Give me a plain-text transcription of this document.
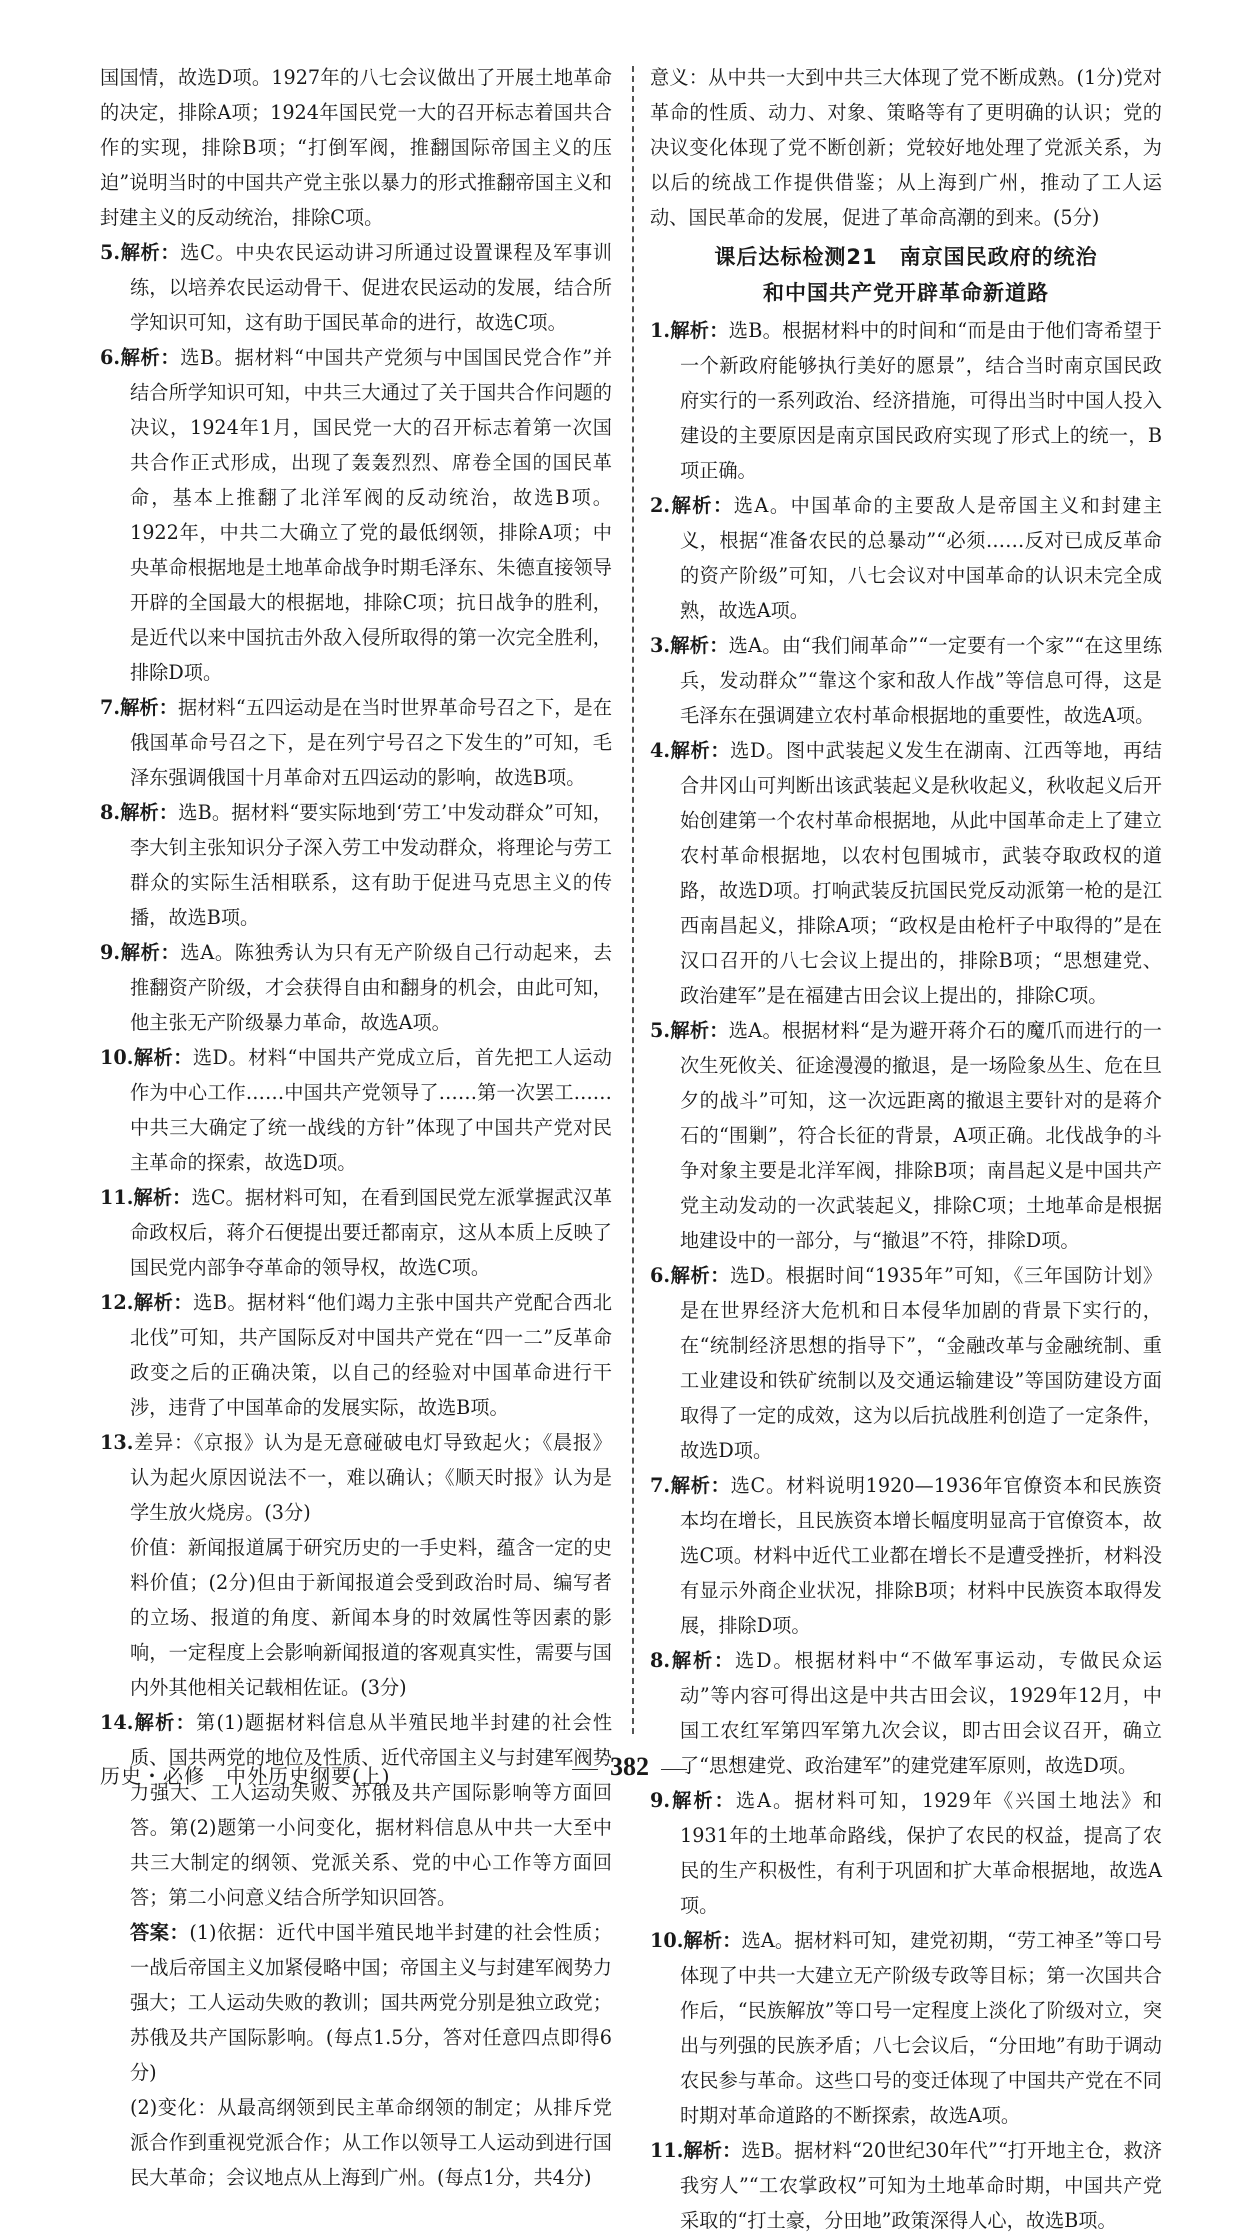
国国情，故选D项。1927年的八七会议做出了开展土地革命的决定，排除A项；1924年国民党一大的召开标志着国共合作的实现，排除B项；“打倒军阀，推翻国际帝国主义的压迫”说明当时的中国共产党主张以暴力的形式推翻帝国主义和封建主义的反动统治，排除C项。

5.解析：选C。中央农民运动讲习所通过设置课程及军事训练，以培养农民运动骨干、促进农民运动的发展，结合所学知识可知，这有助于国民革命的进行，故选C项。

6.解析：选B。据材料“中国共产党须与中国国民党合作”并结合所学知识可知，中共三大通过了关于国共合作问题的决议，1924年1月，国民党一大的召开标志着第一次国共合作正式形成，出现了轰轰烈烈、席卷全国的国民革命，基本上推翻了北洋军阀的反动统治，故选B项。1922年，中共二大确立了党的最低纲领，排除A项；中央革命根据地是土地革命战争时期毛泽东、朱德直接领导开辟的全国最大的根据地，排除C项；抗日战争的胜利，是近代以来中国抗击外敌入侵所取得的第一次完全胜利，排除D项。

7.解析：据材料“五四运动是在当时世界革命号召之下，是在俄国革命号召之下，是在列宁号召之下发生的”可知，毛泽东强调俄国十月革命对五四运动的影响，故选B项。

8.解析：选B。据材料“要实际地到‘劳工’中发动群众”可知，李大钊主张知识分子深入劳工中发动群众，将理论与劳工群众的实际生活相联系，这有助于促进马克思主义的传播，故选B项。

9.解析：选A。陈独秀认为只有无产阶级自己行动起来，去推翻资产阶级，才会获得自由和翻身的机会，由此可知，他主张无产阶级暴力革命，故选A项。

10.解析：选D。材料“中国共产党成立后，首先把工人运动作为中心工作……中国共产党领导了……第一次罢工……中共三大确定了统一战线的方针”体现了中国共产党对民主革命的探索，故选D项。

11.解析：选C。据材料可知，在看到国民党左派掌握武汉革命政权后，蒋介石便提出要迁都南京，这从本质上反映了国民党内部争夺革命的领导权，故选C项。

12.解析：选B。据材料“他们竭力主张中国共产党配合西北北伐”可知，共产国际反对中国共产党在“四一二”反革命政变之后的正确决策，以自己的经验对中国革命进行干涉，违背了中国革命的发展实际，故选B项。

13.差异：《京报》认为是无意碰破电灯导致起火；《晨报》认为起火原因说法不一，难以确认；《顺天时报》认为是学生放火烧房。(3分)

价值：新闻报道属于研究历史的一手史料，蕴含一定的史料价值；(2分)但由于新闻报道会受到政治时局、编写者的立场、报道的角度、新闻本身的时效属性等因素的影响，一定程度上会影响新闻报道的客观真实性，需要与国内外其他相关记载相佐证。(3分)

14.解析：第(1)题据材料信息从半殖民地半封建的社会性质、国共两党的地位及性质、近代帝国主义与封建军阀势力强大、工人运动失败、苏俄及共产国际影响等方面回答。第(2)题第一小问变化，据材料信息从中共一大至中共三大制定的纲领、党派关系、党的中心工作等方面回答；第二小问意义结合所学知识回答。

答案：(1)依据：近代中国半殖民地半封建的社会性质；一战后帝国主义加紧侵略中国；帝国主义与封建军阀势力强大；工人运动失败的教训；国共两党分别是独立政党；苏俄及共产国际影响。(每点1.5分，答对任意四点即得6分)

(2)变化：从最高纲领到民主革命纲领的制定；从排斥党派合作到重视党派合作；从工作以领导工人运动到进行国民大革命；会议地点从上海到广州。(每点1分，共4分)

意义：从中共一大到中共三大体现了党不断成熟。(1分)党对革命的性质、动力、对象、策略等有了更明确的认识；党的决议变化体现了党不断创新；党较好地处理了党派关系，为以后的统战工作提供借鉴；从上海到广州，推动了工人运动、国民革命的发展，促进了革命高潮的到来。(5分)

课后达标检测21　南京国民政府的统治
和中国共产党开辟革命新道路

1.解析：选B。根据材料中的时间和“而是由于他们寄希望于一个新政府能够执行美好的愿景”，结合当时南京国民政府实行的一系列政治、经济措施，可得出当时中国人投入建设的主要原因是南京国民政府实现了形式上的统一，B项正确。

2.解析：选A。中国革命的主要敌人是帝国主义和封建主义，根据“准备农民的总暴动”“必须……反对已成反革命的资产阶级”可知，八七会议对中国革命的认识未完全成熟，故选A项。

3.解析：选A。由“我们闹革命”“一定要有一个家”“在这里练兵，发动群众”“靠这个家和敌人作战”等信息可得，这是毛泽东在强调建立农村革命根据地的重要性，故选A项。

4.解析：选D。图中武装起义发生在湖南、江西等地，再结合井冈山可判断出该武装起义是秋收起义，秋收起义后开始创建第一个农村革命根据地，从此中国革命走上了建立农村革命根据地，以农村包围城市，武装夺取政权的道路，故选D项。打响武装反抗国民党反动派第一枪的是江西南昌起义，排除A项；“政权是由枪杆子中取得的”是在汉口召开的八七会议上提出的，排除B项；“思想建党、政治建军”是在福建古田会议上提出的，排除C项。

5.解析：选A。根据材料“是为避开蒋介石的魔爪而进行的一次生死攸关、征途漫漫的撤退，是一场险象丛生、危在旦夕的战斗”可知，这一次远距离的撤退主要针对的是蒋介石的“围剿”，符合长征的背景，A项正确。北伐战争的斗争对象主要是北洋军阀，排除B项；南昌起义是中国共产党主动发动的一次武装起义，排除C项；土地革命是根据地建设中的一部分，与“撤退”不符，排除D项。

6.解析：选D。根据时间“1935年”可知，《三年国防计划》是在世界经济大危机和日本侵华加剧的背景下实行的，在“统制经济思想的指导下”，“金融改革与金融统制、重工业建设和铁矿统制以及交通运输建设”等国防建设方面取得了一定的成效，这为以后抗战胜利创造了一定条件，故选D项。

7.解析：选C。材料说明1920—1936年官僚资本和民族资本均在增长，且民族资本增长幅度明显高于官僚资本，故选C项。材料中近代工业都在增长不是遭受挫折，材料没有显示外商企业状况，排除B项；材料中民族资本取得发展，排除D项。

8.解析：选D。根据材料中“不做军事运动，专做民众运动”等内容可得出这是中共古田会议，1929年12月，中国工农红军第四军第九次会议，即古田会议召开，确立了“思想建党、政治建军”的建党建军原则，故选D项。

9.解析：选A。据材料可知，1929年《兴国土地法》和1931年的土地革命路线，保护了农民的权益，提高了农民的生产积极性，有利于巩固和扩大革命根据地，故选A项。

10.解析：选A。据材料可知，建党初期，“劳工神圣”等口号体现了中共一大建立无产阶级专政等目标；第一次国共合作后，“民族解放”等口号一定程度上淡化了阶级对立，突出与列强的民族矛盾；八七会议后，“分田地”有助于调动农民参与革命。这些口号的变迁体现了中国共产党在不同时期对革命道路的不断探索，故选A项。

11.解析：选B。据材料“20世纪30年代”“打开地主仓，救济我穷人”“工农掌政权”可知为土地革命时期，中国共产党采取的“打土豪，分田地”政策深得人心，故选B项。

历史・必修　中外历史纲要(上)	382
